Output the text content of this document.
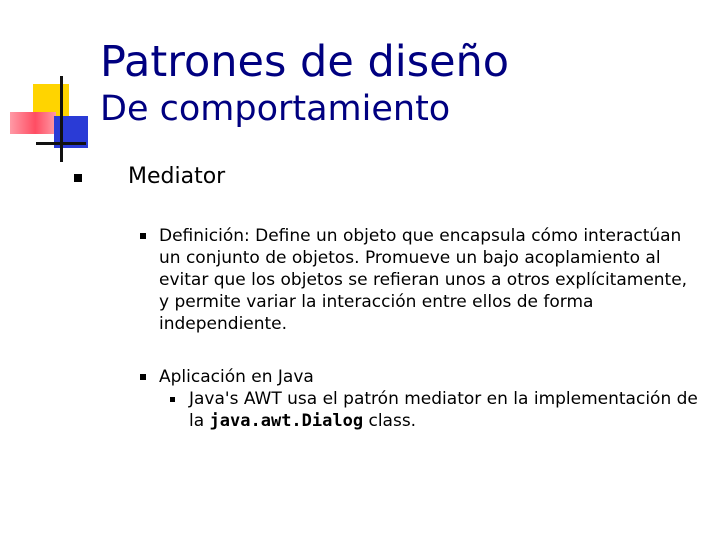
Patrones de diseño
De comportamiento
Mediator
Definición: Define un objeto que encapsula cómo interactúan un conjunto de objetos. Promueve un bajo acoplamiento al evitar que los objetos se refieran unos a otros explícitamente, y permite variar la interacción entre ellos de forma independiente.
Aplicación en Java
Java's AWT usa el patrón mediator en la implementación de la java.awt.Dialog class.
